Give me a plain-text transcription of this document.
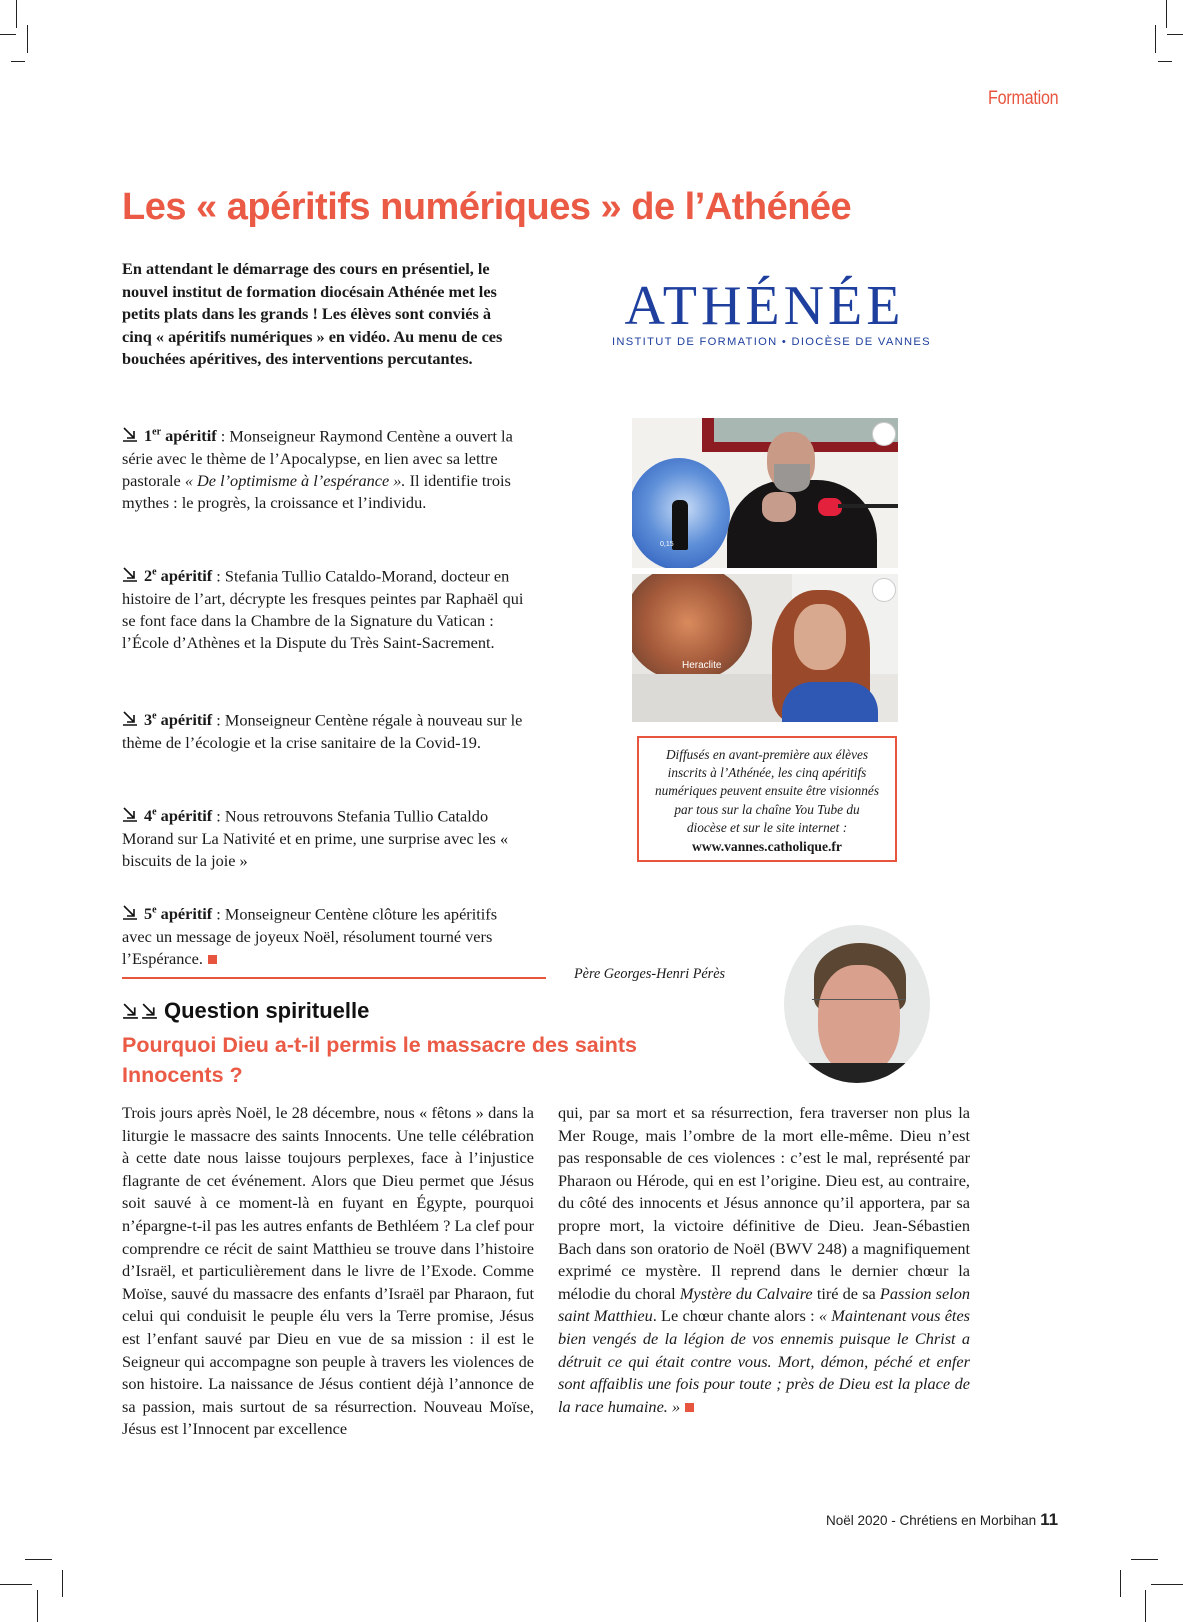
Formation
Les « apéritifs numériques » de l’Athénée

En attendant le démarrage des cours en présentiel, le nouvel institut de formation diocésain Athénée met les petits plats dans les grands ! Les élèves sont conviés à cinq « apéritifs numériques » en vidéo. Au menu de ces bouchées apéritives, des interventions percutantes.

ATHÉNÉE
INSTITUT DE FORMATION • DIOCÈSE DE VANNES
1er apéritif : Monseigneur Raymond Centène a ouvert la série avec le thème de l’Apocalypse, en lien avec sa lettre pastorale « De l’optimisme à l’espérance ». Il identifie trois mythes : le progrès, la croissance et l’individu.
2e apéritif : Stefania Tullio Cataldo-Morand, docteur en histoire de l’art, décrypte les fresques peintes par Raphaël qui se font face dans la Chambre de la Signature du Vatican : l’École d’Athènes et la Dispute du Très Saint-Sacrement.
3e apéritif : Monseigneur Centène régale à nouveau sur le thème de l’écologie et la crise sanitaire de la Covid-19.
4e apéritif : Nous retrouvons Stefania Tullio Cataldo Morand sur La Nativité et en prime, une surprise avec les « biscuits de la joie »
5e apéritif : Monseigneur Centène clôture les apéritifs avec un message de joyeux Noël, résolument tourné vers l’Espérance.
0,15
Heraclite
Diffusés en avant-première aux élèves inscrits à l’Athénée, les cinq apéritifs numériques peuvent ensuite être visionnés par tous sur la chaîne You Tube du diocèse et sur le site internet :
www.vannes.catholique.fr
Père Georges-Henri Pérès
Question spirituelle
Pourquoi Dieu a-t-il permis le massacre des saints Innocents ?
Trois jours après Noël, le 28 décembre, nous « fêtons » dans la liturgie le massacre des saints Innocents. Une telle célébration à cette date nous laisse toujours perplexes, face à l’injustice flagrante de cet événement. Alors que Dieu permet que Jésus soit sauvé à ce moment-là en fuyant en Égypte, pourquoi n’épargne-t-il pas les autres enfants de Bethléem ? La clef pour comprendre ce récit de saint Matthieu se trouve dans l’histoire d’Israël, et particulièrement dans le livre de l’Exode. Comme Moïse, sauvé du massacre des enfants d’Israël par Pharaon, fut celui qui conduisit le peuple élu vers la Terre promise, Jésus est l’enfant sauvé par Dieu en vue de sa mission : il est le Seigneur qui accompagne son peuple à travers les violences de son histoire. La naissance de Jésus contient déjà l’annonce de sa passion, mais surtout de sa résurrection. Nouveau Moïse, Jésus est l’Innocent par excellence
qui, par sa mort et sa résurrection, fera traverser non plus la Mer Rouge, mais l’ombre de la mort elle-même. Dieu n’est pas responsable de ces violences : c’est le mal, représenté par Pharaon ou Hérode, qui en est l’origine. Dieu est, au contraire, du côté des innocents et Jésus annonce qu’il apportera, par sa propre mort, la victoire définitive de Dieu. Jean-Sébastien Bach dans son oratorio de Noël (BWV 248) a magnifiquement exprimé ce mystère. Il reprend dans le dernier chœur la mélodie du choral Mystère du Calvaire tiré de sa Passion selon saint Matthieu. Le chœur chante alors : « Maintenant vous êtes bien vengés de la légion de vos ennemis puisque le Christ a détruit ce qui était contre vous. Mort, démon, péché et enfer sont affaiblis une fois pour toute ; près de Dieu est la place de la race humaine. »
Noël 2020 - Chrétiens en Morbihan 11
